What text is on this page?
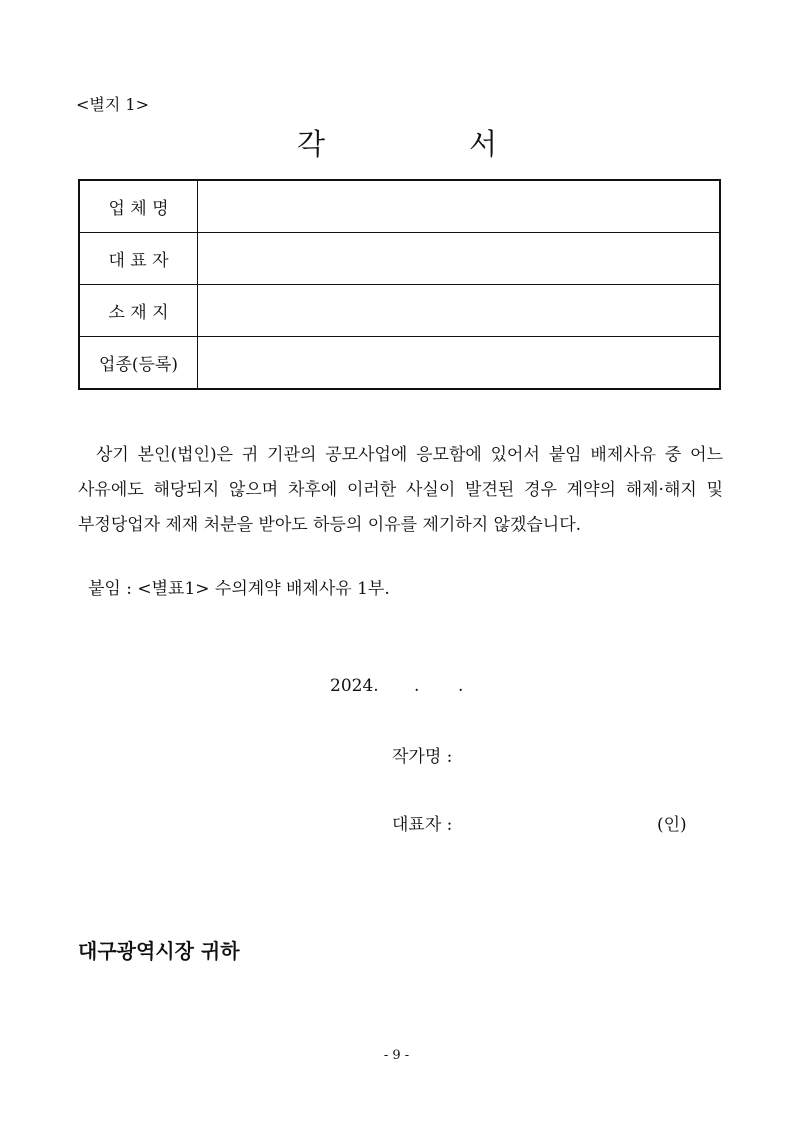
<별지 1>
각	서
업 체 명	
대 표 자	
소 재 지	
업종(등록)	
상기 본인(법인)은 귀 기관의 공모사업에 응모함에 있어서 붙임 배제사유 중 어느 사유에도 해당되지 않으며 차후에 이러한 사실이 발견된 경우 계약의 해제·해지 및 부정당업자 제재 처분을 받아도 하등의 이유를 제기하지 않겠습니다.
붙임 : <별표1> 수의계약 배제사유 1부.
2024. . .
작가명 :
대표자 :	(인)
대구광역시장 귀하
- 9 -
